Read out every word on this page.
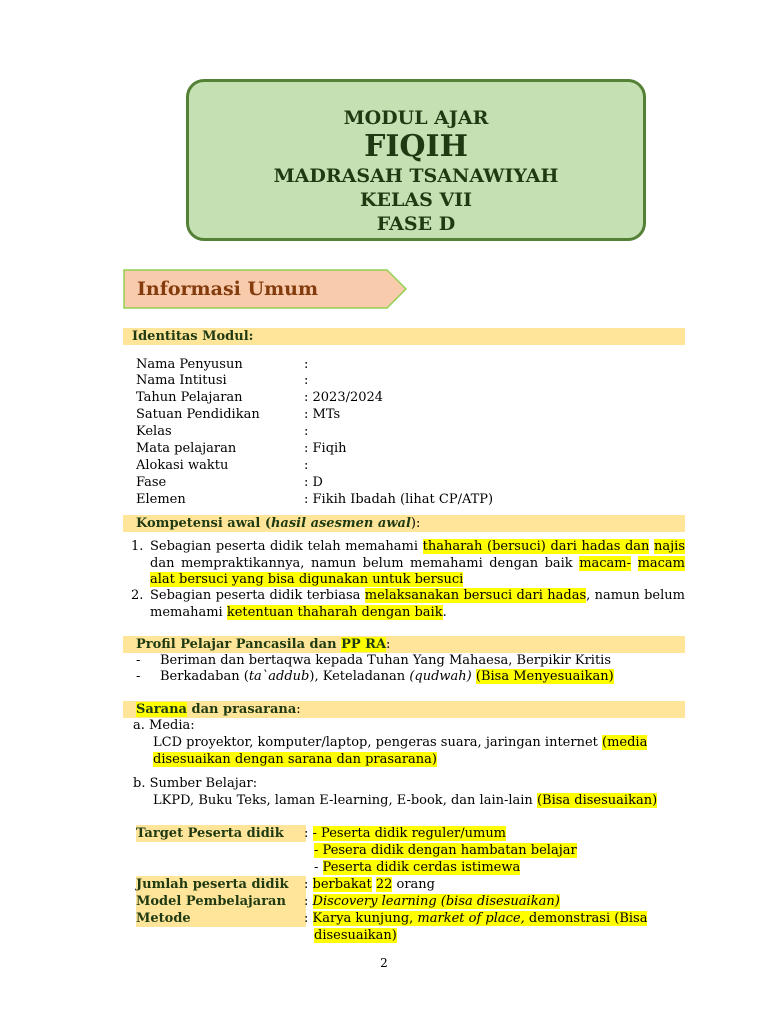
MODUL AJAR
FIQIH
MADRASAH TSANAWIYAH
KELAS VII
FASE D
Informasi Umum
Identitas Modul:
Nama Penyusun	:
Nama Intitusi	:
Tahun Pelajaran	: 2023/2024
Satuan Pendidikan	: MTs
Kelas	:
Mata pelajaran	: Fiqih
Alokasi waktu	:
Fase	: D
Elemen	: Fikih Ibadah (lihat CP/ATP)
Kompetensi awal (hasil asesmen awal):
1. Sebagian peserta didik telah memahami thaharah (bersuci) dari hadas dan najis dan mempraktikannya, namun belum memahami dengan baik macam- macam alat bersuci yang bisa digunakan untuk bersuci
2. Sebagian peserta didik terbiasa melaksanakan bersuci dari hadas, namun belum memahami ketentuan thaharah dengan baik.
Profil Pelajar Pancasila dan PP RA:
- Beriman dan bertaqwa kepada Tuhan Yang Mahaesa, Berpikir Kritis
- Berkadaban (ta`addub), Keteladanan (qudwah) (Bisa Menyesuaikan)
Sarana dan prasarana:
a. Media:
LCD proyektor, komputer/laptop, pengeras suara, jaringan internet (media
disesuaikan dengan sarana dan prasarana)
b. Sumber Belajar:
LKPD, Buku Teks, laman E-learning, E-book, dan lain-lain (Bisa disesuaikan)
Target Peserta didik : - Peserta didik reguler/umum
- Pesera didik dengan hambatan belajar
- Peserta didik cerdas istimewa
Jumlah peserta didik : berbakat 22 orang
Model Pembelajaran : Discovery learning (bisa disesuaikan)
Metode	: Karya kunjung, market of place, demonstrasi (Bisa
disesuaikan)
2
